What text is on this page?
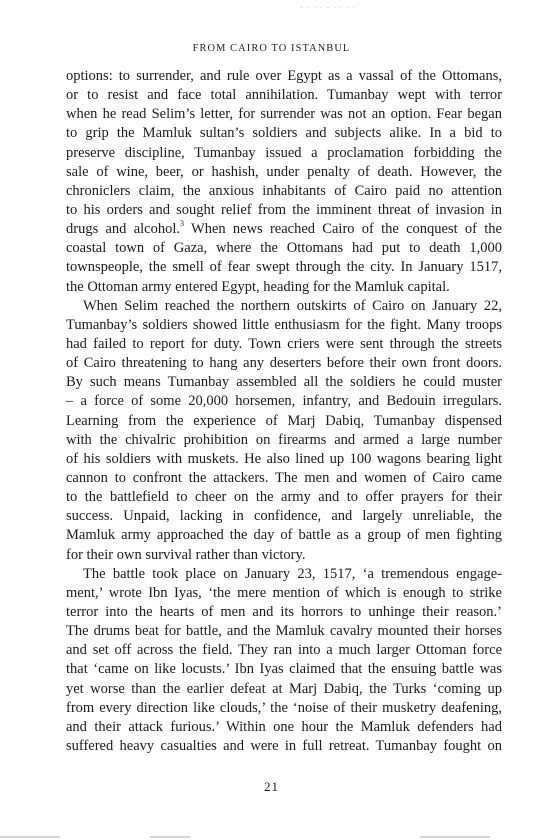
- · ·· · ·· · ·
FROM CAIRO TO ISTANBUL
options: to surrender, and rule over Egypt as a vassal of the Ottomans,
or to resist and face total annihilation. Tumanbay wept with terror
when he read Selim’s letter, for surrender was not an option. Fear began
to grip the Mamluk sultan’s soldiers and subjects alike. In a bid to
preserve discipline, Tumanbay issued a proclamation forbidding the
sale of wine, beer, or hashish, under penalty of death. However, the
chroniclers claim, the anxious inhabitants of Cairo paid no attention
to his orders and sought relief from the imminent threat of invasion in
drugs and alcohol.$^3$ When news reached Cairo of the conquest of the
coastal town of Gaza, where the Ottomans had put to death 1,000
townspeople, the smell of fear swept through the city. In January 1517,
the Ottoman army entered Egypt, heading for the Mamluk capital.
When Selim reached the northern outskirts of Cairo on January 22,
Tumanbay’s soldiers showed little enthusiasm for the fight. Many troops
had failed to report for duty. Town criers were sent through the streets
of Cairo threatening to hang any deserters before their own front doors.
By such means Tumanbay assembled all the soldiers he could muster
– a force of some 20,000 horsemen, infantry, and Bedouin irregulars.
Learning from the experience of Marj Dabiq, Tumanbay dispensed
with the chivalric prohibition on firearms and armed a large number
of his soldiers with muskets. He also lined up 100 wagons bearing light
cannon to confront the attackers. The men and women of Cairo came
to the battlefield to cheer on the army and to offer prayers for their
success. Unpaid, lacking in confidence, and largely unreliable, the
Mamluk army approached the day of battle as a group of men fighting
for their own survival rather than victory.
The battle took place on January 23, 1517, ‘a tremendous engage-
ment,’ wrote Ibn Iyas, ‘the mere mention of which is enough to strike
terror into the hearts of men and its horrors to unhinge their reason.’
The drums beat for battle, and the Mamluk cavalry mounted their horses
and set off across the field. They ran into a much larger Ottoman force
that ‘came on like locusts.’ Ibn Iyas claimed that the ensuing battle was
yet worse than the earlier defeat at Marj Dabiq, the Turks ‘coming up
from every direction like clouds,’ the ‘noise of their musketry deafening,
and their attack furious.’ Within one hour the Mamluk defenders had
suffered heavy casualties and were in full retreat. Tumanbay fought on
21
